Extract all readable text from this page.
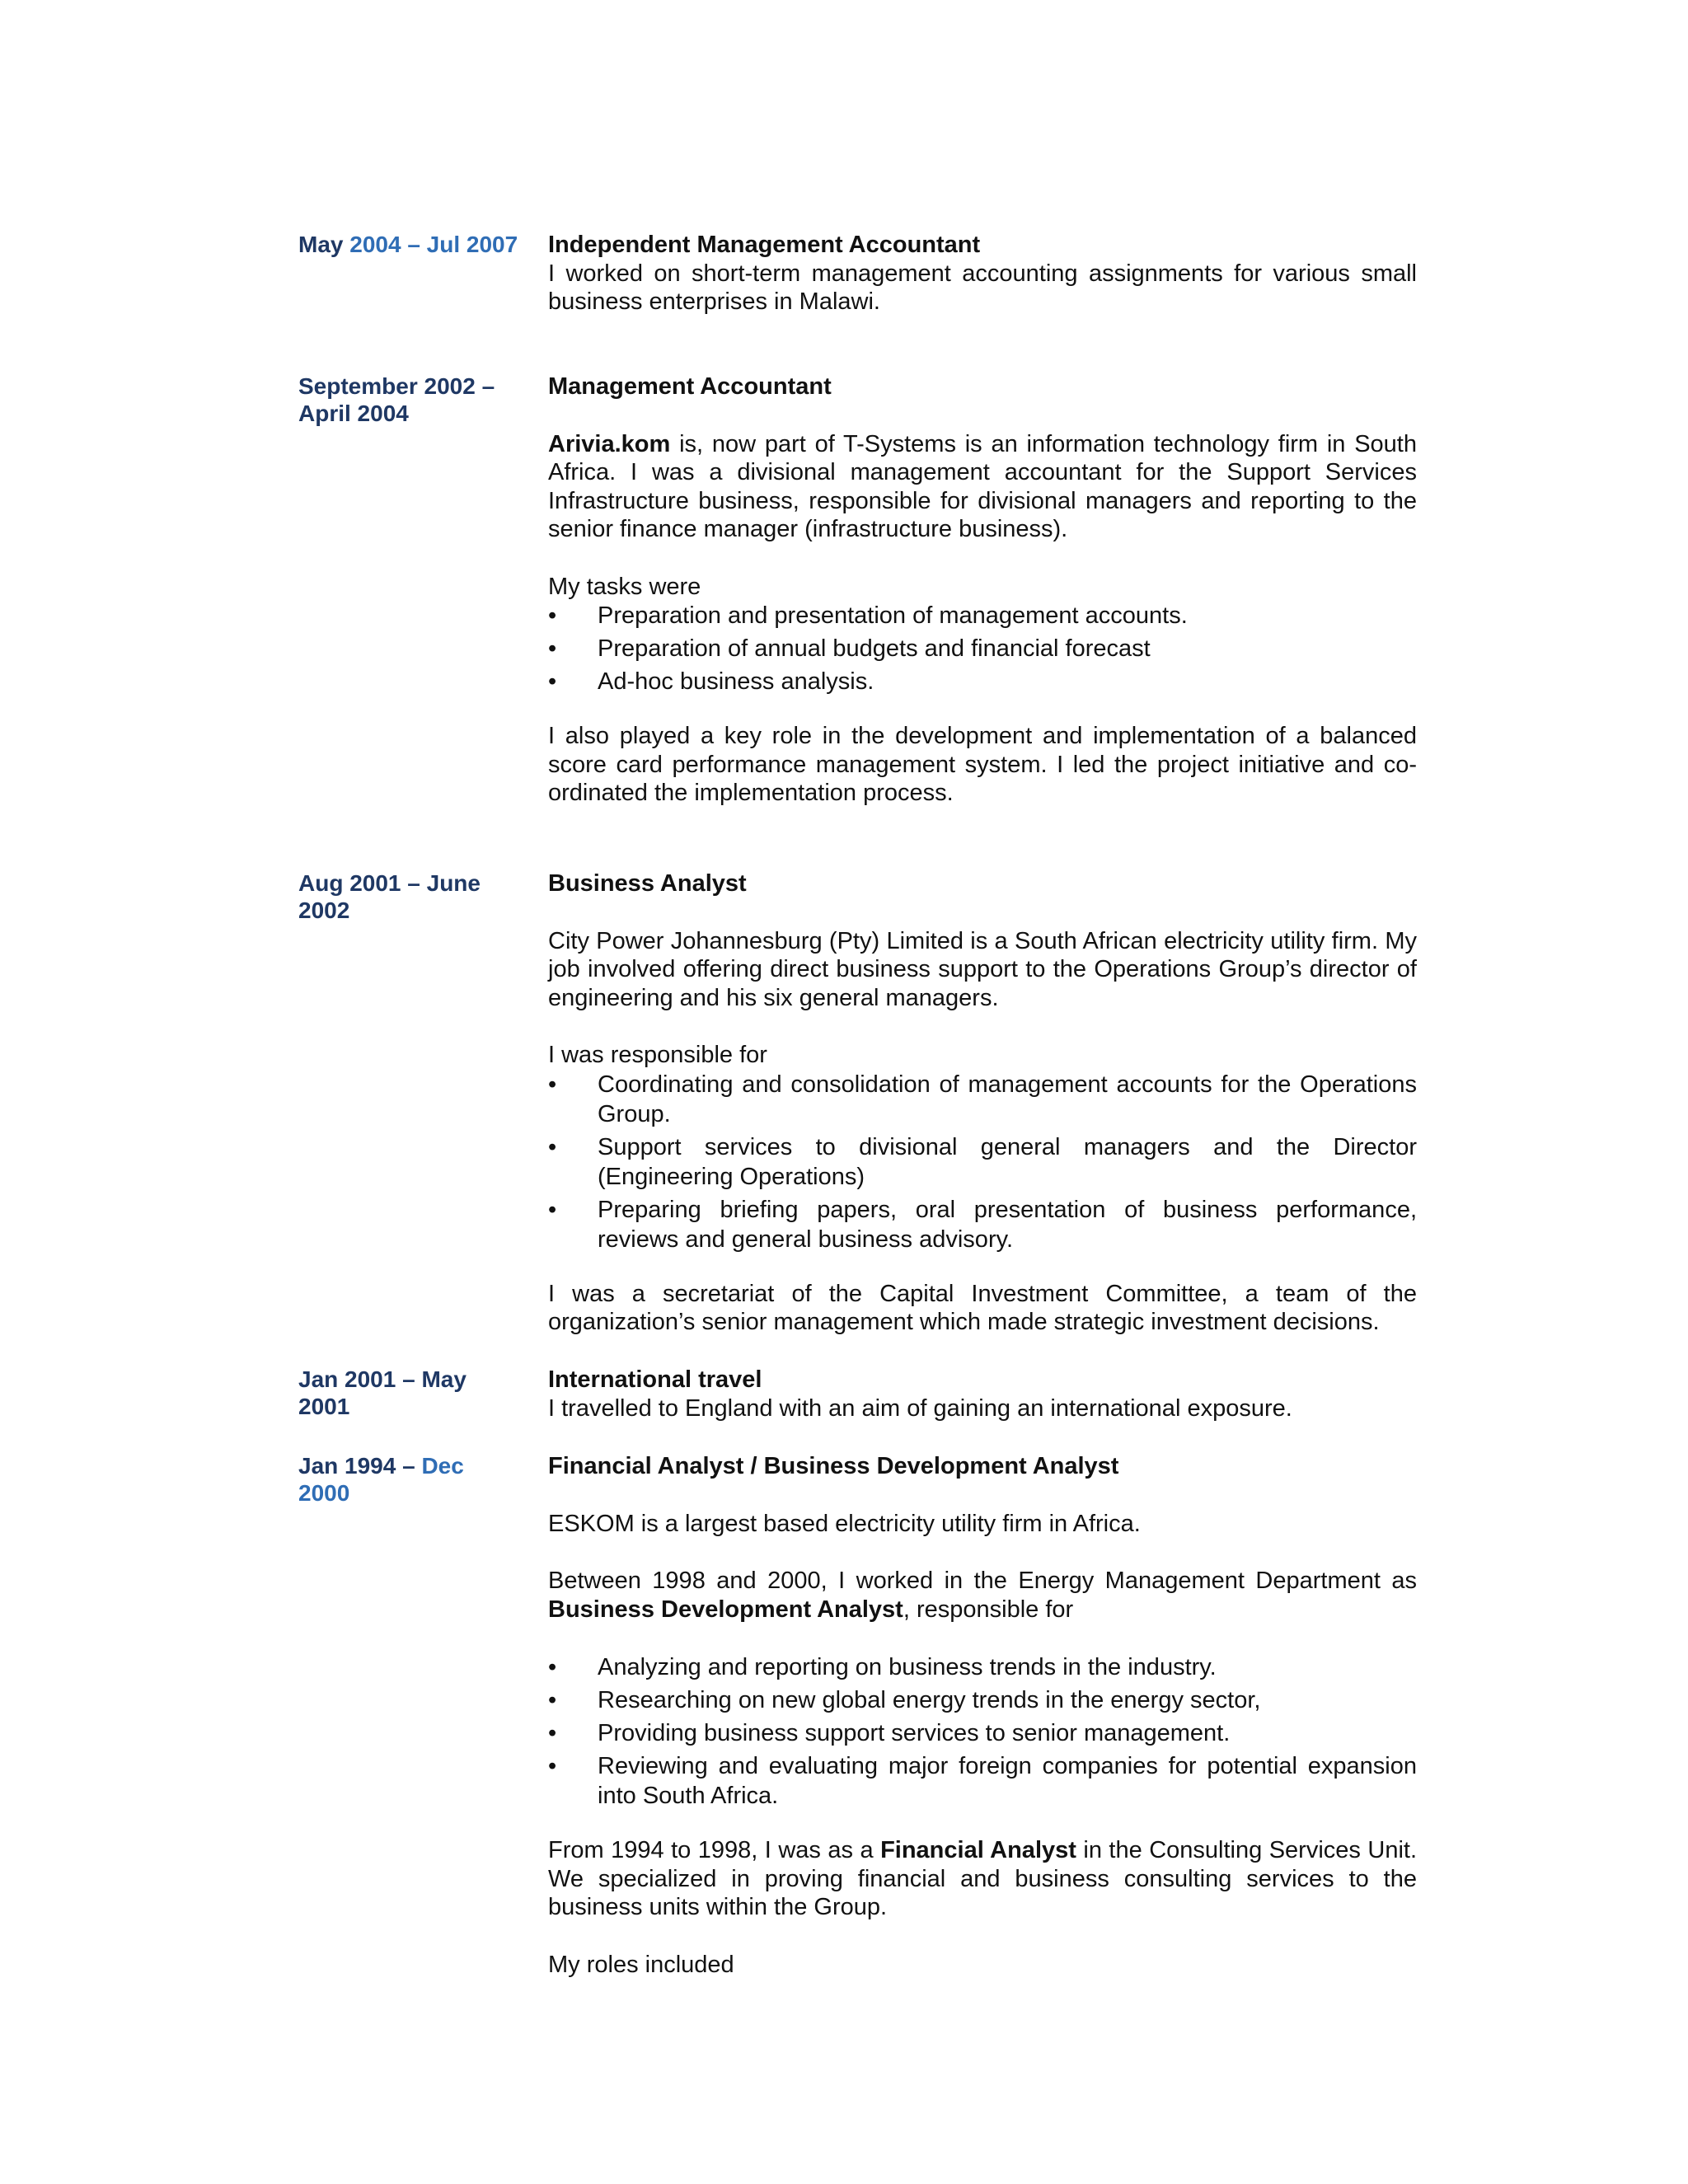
May 2004 – Jul 2007 Independent Management Accountant

I worked on short-term management accounting assignments for various small business enterprises in Malawi.

September 2002 – April 2004

Management Accountant

Arivia.kom is, now part of T-Systems is an information technology firm in South Africa. I was a divisional management accountant for the Support Services Infrastructure business, responsible for divisional managers and reporting to the senior finance manager (infrastructure business).

My tasks were

• Preparation and presentation of management accounts.
• Preparation of annual budgets and financial forecast
• Ad-hoc business analysis.

I also played a key role in the development and implementation of a balanced score card performance management system. I led the project initiative and co-ordinated the implementation process.

Aug 2001 – June 2002

Business Analyst

City Power Johannesburg (Pty) Limited is a South African electricity utility firm. My job involved offering direct business support to the Operations Group’s director of engineering and his six general managers.

I was responsible for

• Coordinating and consolidation of management accounts for the Operations Group.
• Support services to divisional general managers and the Director (Engineering Operations)
• Preparing briefing papers, oral presentation of business performance, reviews and general business advisory.

I was a secretariat of the Capital Investment Committee, a team of the organization’s senior management which made strategic investment decisions.

Jan 2001 – May 2001

International travel

I travelled to England with an aim of gaining an international exposure.

Jan 1994 – Dec 2000

Financial Analyst / Business Development Analyst

ESKOM is a largest based electricity utility firm in Africa.

Between 1998 and 2000, I worked in the Energy Management Department as Business Development Analyst, responsible for

• Analyzing and reporting on business trends in the industry.
• Researching on new global energy trends in the energy sector,
• Providing business support services to senior management.
• Reviewing and evaluating major foreign companies for potential expansion into South Africa.

From 1994 to 1998, I was as a Financial Analyst in the Consulting Services Unit. We specialized in proving financial and business consulting services to the business units within the Group.

My roles included
